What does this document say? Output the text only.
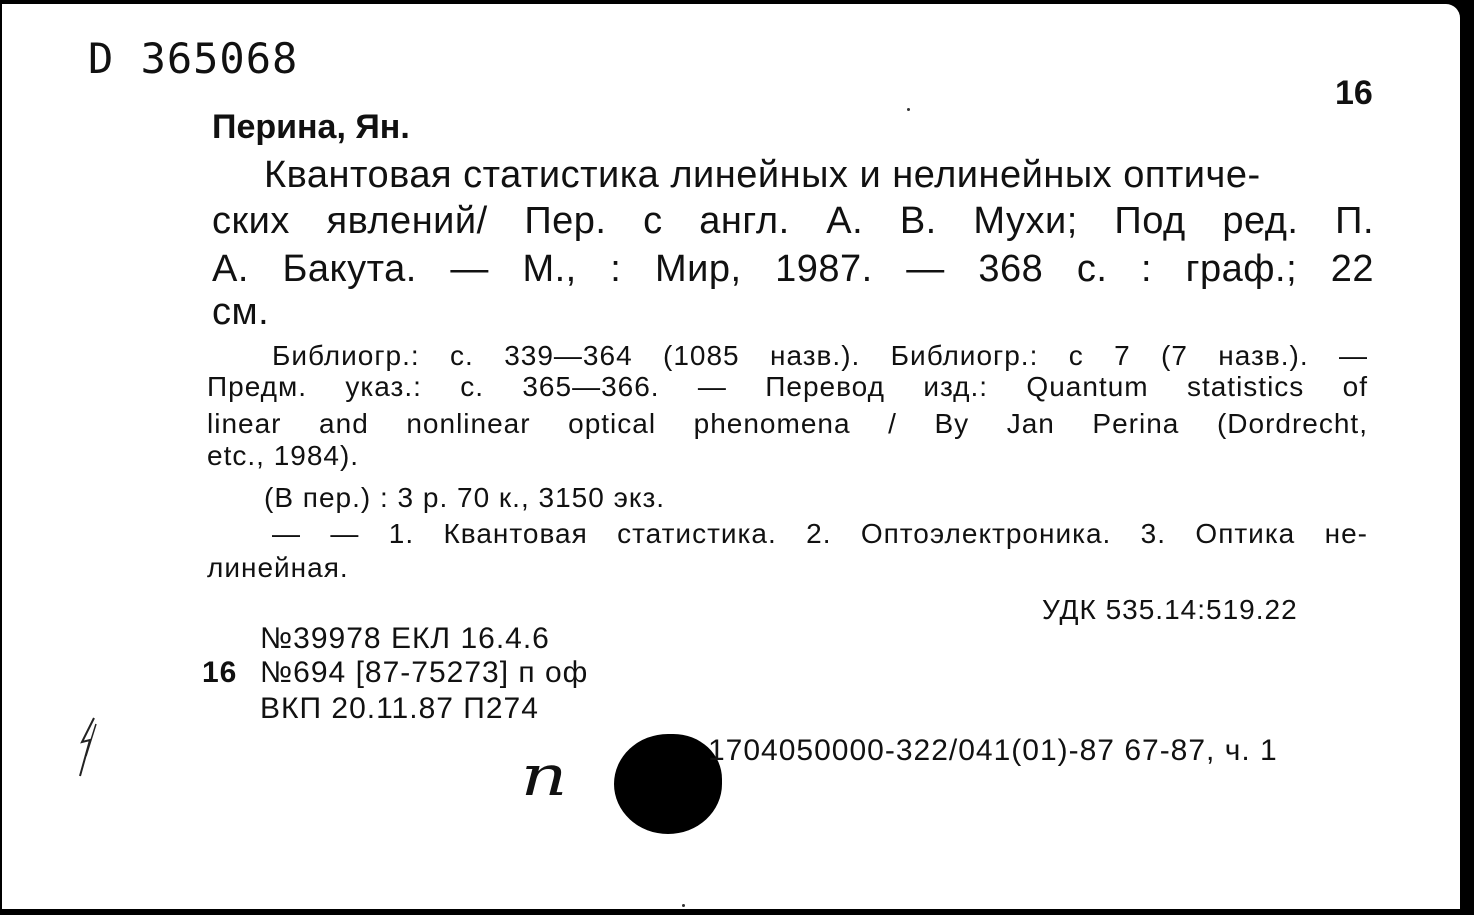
D 365068
16
Перина, Ян.
Квантовая статистика линейных и нелинейных оптиче-
ских явлений/ Пер. с англ. А. В. Мухи; Под ред. П.
А. Бакута. — М., : Мир, 1987. — 368 с. : граф.; 22
см.
Библиогр.: с. 339—364 (1085 назв.). Библиогр.: с 7 (7 назв.). —
Предм. указ.: с. 365—366. — Перевод изд.: Quantum statistics of
linear and nonlinear optical phenomena / By Jan Perina (Dordrecht,
etc., 1984).
(В пер.) : 3 р. 70 к., 3150 экз.
— — 1. Квантовая статистика. 2. Оптоэлектроника. 3. Оптика не-
линейная.
УДК 535.14:519.22
№39978 ЕКЛ 16.4.6
16 №694 [87-75273] п оф
ВКП 20.11.87 П274
n	1704050000-322/041(01)-87 67-87, ч. 1
